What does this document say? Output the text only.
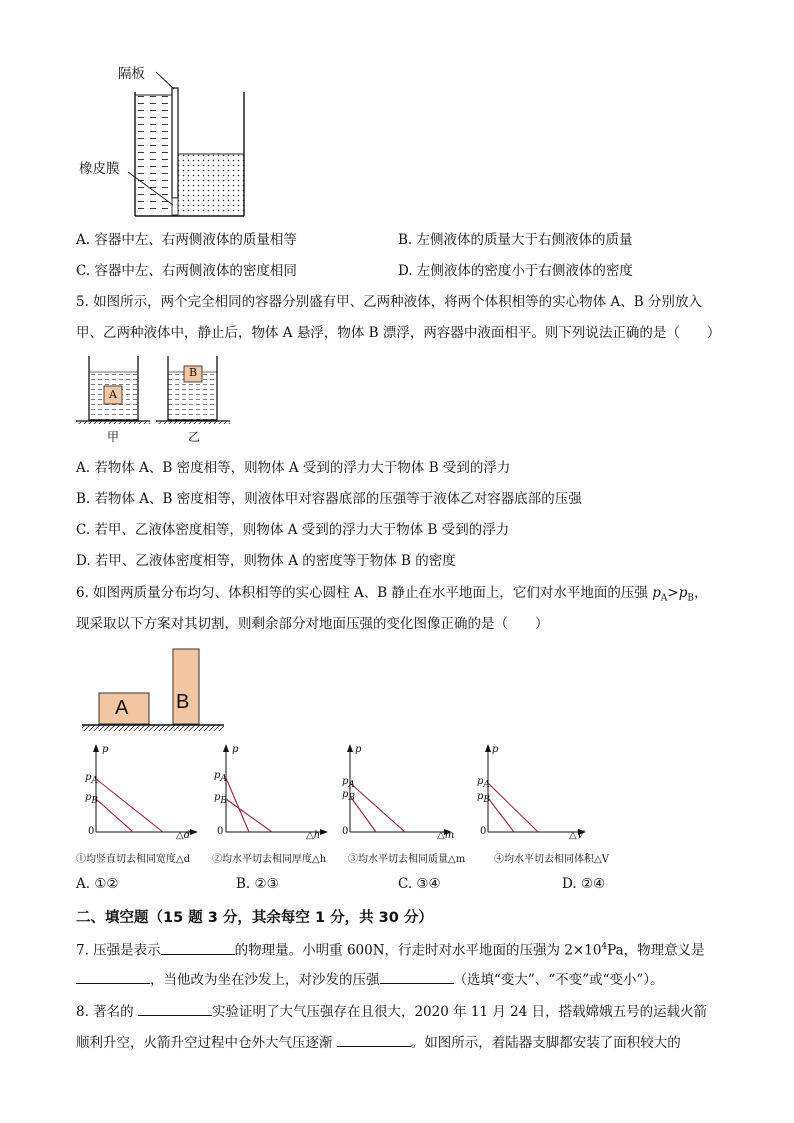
隔板
橡皮膜
A. 容器中左、右两侧液体的质量相等	B. 左侧液体的质量大于右侧液体的质量
C. 容器中左、右两侧液体的密度相同	D. 左侧液体的密度小于右侧液体的密度
5. 如图所示，两个完全相同的容器分别盛有甲、乙两种液体，将两个体积相等的实心物体 A、B 分别放入
甲、乙两种液体中，静止后，物体 A 悬浮，物体 B 漂浮，两容器中液面相平。则下列说法正确的是（　　）
A
B
甲	乙
A. 若物体 A、B 密度相等，则物体 A 受到的浮力大于物体 B 受到的浮力
B. 若物体 A、B 密度相等，则液体甲对容器底部的压强等于液体乙对容器底部的压强
C. 若甲、乙液体密度相等，则物体 A 受到的浮力大于物体 B 受到的浮力
D. 若甲、乙液体密度相等，则物体 A 的密度等于物体 B 的密度
6. 如图两质量分布均匀、体积相等的实心圆柱 A、B 静止在水平地面上，它们对水平地面的压强 $p_A>p_B$，
现采取以下方案对其切割，则剩余部分对地面压强的变化图像正确的是（　　）
A B
p
pA
pB
0	△d
①均竖直切去相同宽度△d
p
pA
pB
0	△h
②均水平切去相同厚度△h
p
pA
pB
0	△m
③均水平切去相同质量△m
p
pA
pB
0	△V
④均水平切去相同体积△V
A. ①②	B. ②③	C. ③④	D. ②④
二、填空题（15 题 3 分，其余每空 1 分，共 30 分）
7. 压强是表示	的物理量。小明重 600N，行走时对水平地面的压强为 $2\times 10^4Pa$，物理意义是
，当他改为坐在沙发上，对沙发的压强	（选填“变大”、“不变”或“变小”）。
8. 著名的	实验证明了大气压强存在且很大，2020 年 11 月 24 日，搭载嫦娥五号的运载火箭
顺利升空，火箭升空过程中仓外大气压逐渐	。如图所示，着陆器支脚都安装了面积较大的
